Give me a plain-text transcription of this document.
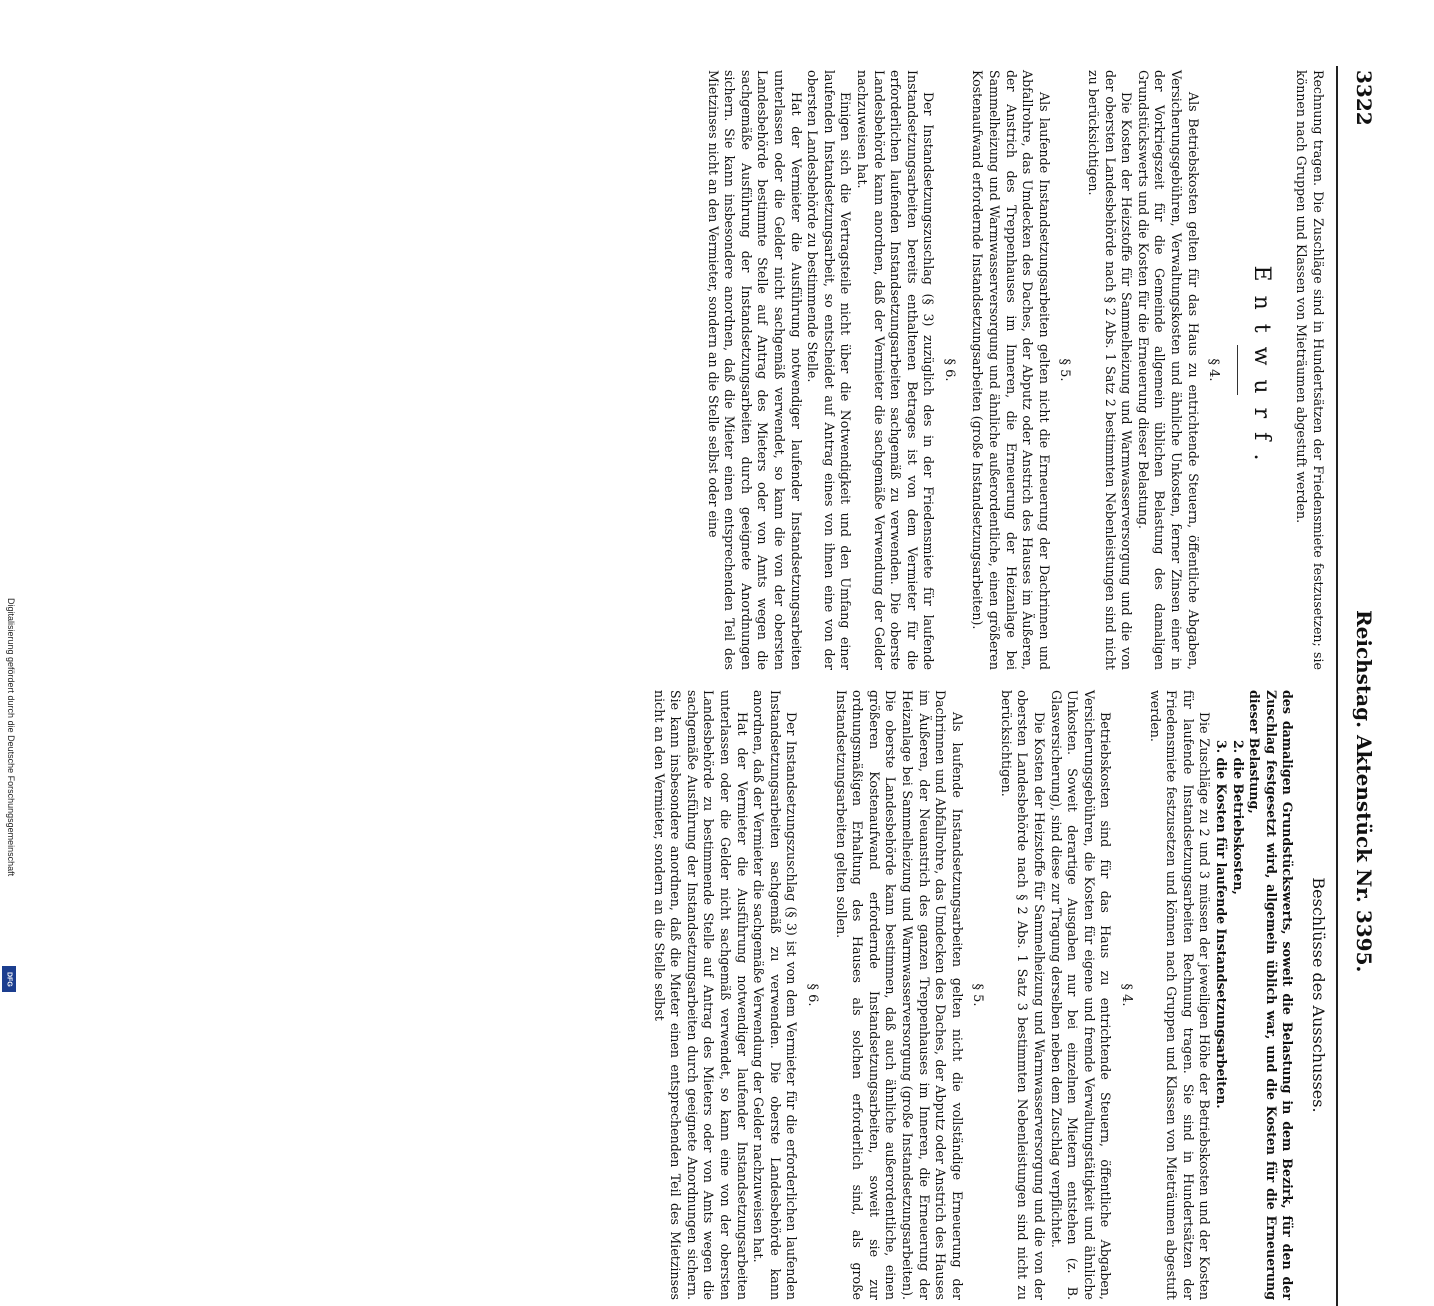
3322
Reichstag. Aktenstück Nr. 3395.

Rechnung tragen. Die Zuschläge sind in Hundertsätzen der Friedensmiete festzusetzen; sie können nach Gruppen und Klassen von Mieträumen abgestuft werden.

Entwurf.
§ 4.

Als Betriebskosten gelten für das Haus zu entrichtende Steuern, öffentliche Abgaben, Versicherungsgebühren, Verwaltungskosten und ähnliche Unkosten, ferner Zinsen einer in der Vorkriegszeit für die Gemeinde allgemein üblichen Belastung des damaligen Grundstückswerts und die Kosten für die Erneuerung dieser Belastung.

Die Kosten der Heizstoffe für Sammelheizung und Warmwasserversorgung und die von der obersten Landesbehörde nach § 2 Abs. 1 Satz 2 bestimmten Nebenleistungen sind nicht zu berücksichtigen.

§ 5.

Als laufende Instandsetzungsarbeiten gelten nicht die Erneuerung der Dachrinnen und Abfallrohre, das Umdecken des Daches, der Abputz oder Anstrich des Hauses im Äußeren, der Anstrich des Treppenhauses im Inneren, die Erneuerung der Heizanlage bei Sammelheizung und Warmwasserversorgung und ähnliche außerordentliche, einen größeren Kostenaufwand erfordernde Instandsetzungsarbeiten (große Instandsetzungsarbeiten).

§ 6.

Der Instandsetzungszuschlag (§ 3) zuzüglich des in der Friedensmiete für laufende Instandsetzungsarbeiten bereits enthaltenen Betrages ist von dem Vermieter für die erforderlichen laufenden Instandsetzungsarbeiten sachgemäß zu verwenden. Die oberste Landesbehörde kann anordnen, daß der Vermieter die sachgemäße Verwendung der Gelder nachzuweisen hat.

Einigen sich die Vertragsteile nicht über die Notwendigkeit und den Umfang einer laufenden Instandsetzungsarbeit, so entscheidet auf Antrag eines von ihnen eine von der obersten Landesbehörde zu bestimmende Stelle.

Hat der Vermieter die Ausführung notwendiger laufender Instandsetzungsarbeiten unterlassen oder die Gelder nicht sachgemäß verwendet, so kann die von der obersten Landesbehörde bestimmte Stelle auf Antrag des Mieters oder von Amts wegen die sachgemäße Ausführung der Instandsetzungsarbeiten durch geeignete Anordnungen sichern. Sie kann insbesondere anordnen, daß die Mieter einen entsprechenden Teil des Mietzinses nicht an den Vermieter, sondern an die Stelle selbst oder eine

Beschlüsse des Ausschusses.

des damaligen Grundstückswerts, soweit die Belastung in dem Bezirk, für den der Zuschlag festgesetzt wird, allgemein üblich war, und die Kosten für die Erneuerung dieser Belastung,

2. die Betriebskosten,

3. die Kosten für laufende Instandsetzungsarbeiten.

Die Zuschläge zu 2 und 3 müssen der jeweiligen Höhe der Betriebskosten und der Kosten für laufende Instandsetzungsarbeiten Rechnung tragen. Sie sind in Hundertsätzen der Friedensmiete festzusetzen und können nach Gruppen und Klassen von Mieträumen abgestuft werden.

§ 4.

Betriebskosten sind für das Haus zu entrichtende Steuern, öffentliche Abgaben, Versicherungsgebühren, die Kosten für eigene und fremde Verwaltungstätigkeit und ähnliche Unkosten. Soweit derartige Ausgaben nur bei einzelnen Mietern entstehen (z. B. Glasversicherung), sind diese zur Tragung derselben neben dem Zuschlag verpflichtet.

Die Kosten der Heizstoffe für Sammelheizung und Warmwasserversorgung und die von der obersten Landesbehörde nach § 2 Abs. 1 Satz 3 bestimmten Nebenleistungen sind nicht zu berücksichtigen.

§ 5.

Als laufende Instandsetzungsarbeiten gelten nicht die vollständige Erneuerung der Dachrinnen und Abfallrohre, das Umdecken des Daches, der Abputz oder Anstrich des Hauses im Äußeren, der Neuanstrich des ganzen Treppenhauses im Inneren, die Erneuerung der Heizanlage bei Sammelheizung und Warmwasserversorgung (große Instandsetzungsarbeiten). Die oberste Landesbehörde kann bestimmen, daß auch ähnliche außerordentliche, einen größeren Kostenaufwand erfordernde Instandsetzungsarbeiten, soweit sie zur ordnungsmäßigen Erhaltung des Hauses als solchen erforderlich sind, als große Instandsetzungsarbeiten gelten sollen.

§ 6.

Der Instandsetzungszuschlag (§ 3) ist von dem Vermieter für die erforderlichen laufenden Instandsetzungsarbeiten sachgemäß zu verwenden. Die oberste Landesbehörde kann anordnen, daß der Vermieter die sachgemäße Verwendung der Gelder nachzuweisen hat.

Hat der Vermieter die Ausführung notwendiger laufender Instandsetzungsarbeiten unterlassen oder die Gelder nicht sachgemäß verwendet, so kann eine von der obersten Landesbehörde zu bestimmende Stelle auf Antrag des Mieters oder von Amts wegen die sachgemäße Ausführung der Instandsetzungsarbeiten durch geeignete Anordnungen sichern. Sie kann insbesondere anordnen, daß die Mieter einen entsprechenden Teil des Mietzinses nicht an den Vermieter, sondern an die Stelle selbst

Digitalisierung gefördert durch die Deutsche Forschungsgemeinschaft
DFG
